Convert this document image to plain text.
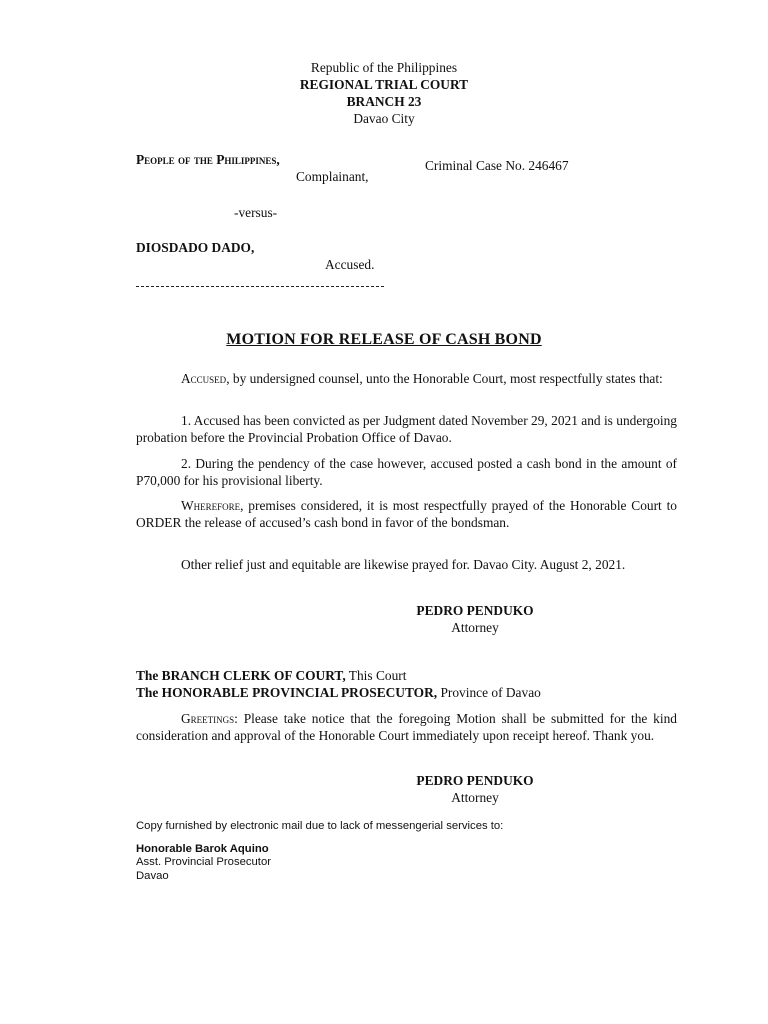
Republic of the Philippines
REGIONAL TRIAL COURT
BRANCH 23
Davao City
People of the Philippines,
Complainant,
Criminal Case No. 246467
-versus-
DIOSDADO DADO,
Accused.
MOTION FOR RELEASE OF CASH BOND
Accused, by undersigned counsel, unto the Honorable Court, most respectfully states that:
1. Accused has been convicted as per Judgment dated November 29, 2021 and is undergoing probation before the Provincial Probation Office of Davao.
2. During the pendency of the case however, accused posted a cash bond in the amount of P70,000 for his provisional liberty.
Wherefore, premises considered, it is most respectfully prayed of the Honorable Court to ORDER the release of accused’s cash bond in favor of the bondsman.
Other relief just and equitable are likewise prayed for. Davao City. August 2, 2021.
PEDRO PENDUKO
Attorney
The BRANCH CLERK OF COURT, This Court
The HONORABLE PROVINCIAL PROSECUTOR, Province of Davao
Greetings: Please take notice that the foregoing Motion shall be submitted for the kind consideration and approval of the Honorable Court immediately upon receipt hereof. Thank you.
PEDRO PENDUKO
Attorney
Copy furnished by electronic mail due to lack of messengerial services to:
Honorable Barok Aquino
Asst. Provincial Prosecutor
Davao
